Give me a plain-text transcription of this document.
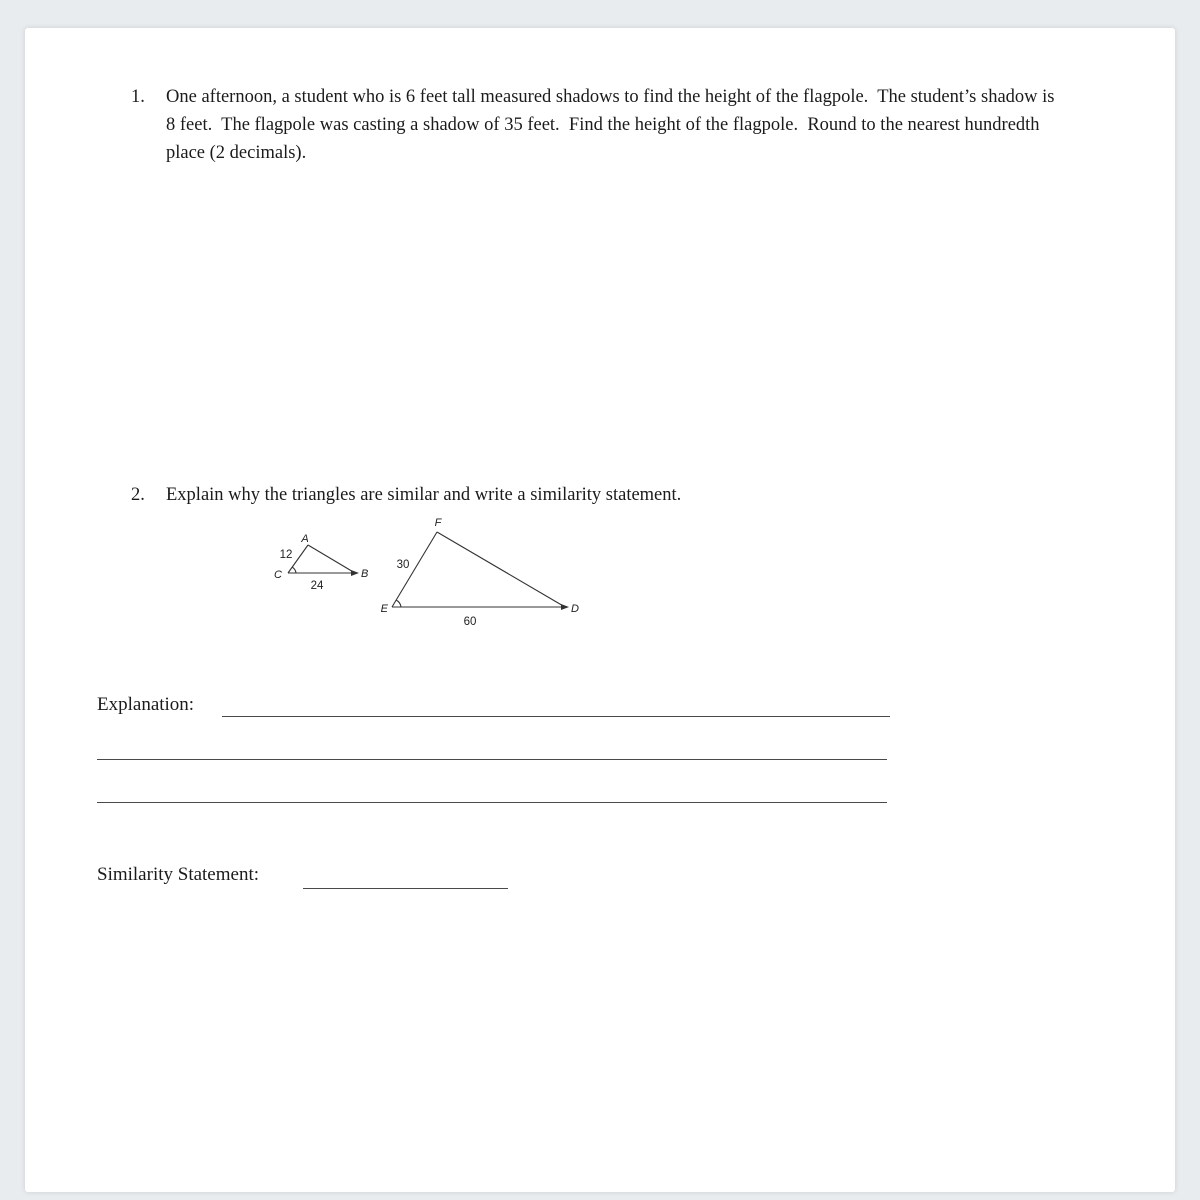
1.	One afternoon, a student who is 6 feet tall measured shadows to find the height of the flagpole.  The student’s shadow is 8 feet.  The flagpole was casting a shadow of 35 feet.  Find the height of the flagpole.  Round to the nearest hundredth place (2 decimals).
2.	Explain why the triangles are similar and write a similarity statement.
A
12
C	B
24
F
30
E	D
60
Explanation:
Similarity Statement:
